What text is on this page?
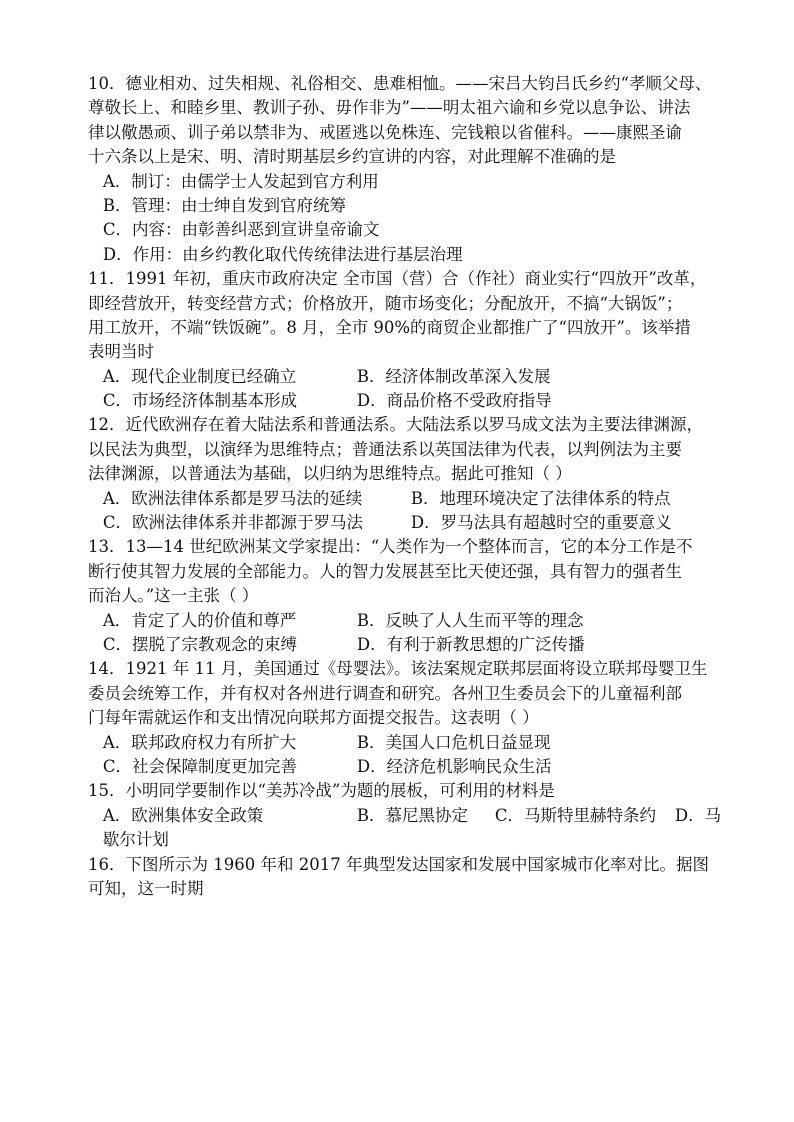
10．德业相劝、过失相规、礼俗相交、患难相恤。——宋吕大钧吕氏乡约“孝顺父母、
尊敬长上、和睦乡里、教训子孙、毋作非为”——明太祖六谕和乡党以息争讼、讲法
律以儆愚顽、训子弟以禁非为、戒匿逃以免株连、完钱粮以省催科。——康熙圣谕
十六条以上是宋、明、清时期基层乡约宣讲的内容，对此理解不准确的是
A．制订：由儒学士人发起到官方利用
B．管理：由士绅自发到官府统筹
C．内容：由彰善纠恶到宣讲皇帝谕文
D．作用：由乡约教化取代传统律法进行基层治理
11．1991 年初，重庆市政府决定 全市国（营）合（作社）商业实行“四放开”改革，
即经营放开，转变经营方式；价格放开，随市场变化；分配放开，不搞“大锅饭”；
用工放开，不端“铁饭碗”。8 月，全市 90%的商贸企业都推广了“四放开”。该举措
表明当时
A．现代企业制度已经确立	B．经济体制改革深入发展
C．市场经济体制基本形成	D．商品价格不受政府指导
12．近代欧洲存在着大陆法系和普通法系。大陆法系以罗马成文法为主要法律渊源，
以民法为典型，以演绎为思维特点；普通法系以英国法律为代表，以判例法为主要
法律渊源，以普通法为基础，以归纳为思维特点。据此可推知（ ）
A．欧洲法律体系都是罗马法的延续	B．地理环境决定了法律体系的特点
C．欧洲法律体系并非都源于罗马法	D．罗马法具有超越时空的重要意义
13．13—14 世纪欧洲某文学家提出：“人类作为一个整体而言，它的本分工作是不
断行使其智力发展的全部能力。人的智力发展甚至比天使还强，具有智力的强者生
而治人。”这一主张（ ）
A．肯定了人的价值和尊严	B．反映了人人生而平等的理念
C．摆脱了宗教观念的束缚	D．有利于新教思想的广泛传播
14．1921 年 11 月，美国通过《母婴法》。该法案规定联邦层面将设立联邦母婴卫生
委员会统筹工作，并有权对各州进行调查和研究。各州卫生委员会下的儿童福利部
门每年需就运作和支出情况向联邦方面提交报告。这表明（ ）
A．联邦政府权力有所扩大	B．美国人口危机日益显现
C．社会保障制度更加完善	D．经济危机影响民众生活
15．小明同学要制作以“美苏冷战”为题的展板，可利用的材料是
A．欧洲集体安全政策	B．慕尼黑协定	C．马斯特里赫特条约	D．马
歇尔计划
16．下图所示为 1960 年和 2017 年典型发达国家和发展中国家城市化率对比。据图
可知，这一时期
